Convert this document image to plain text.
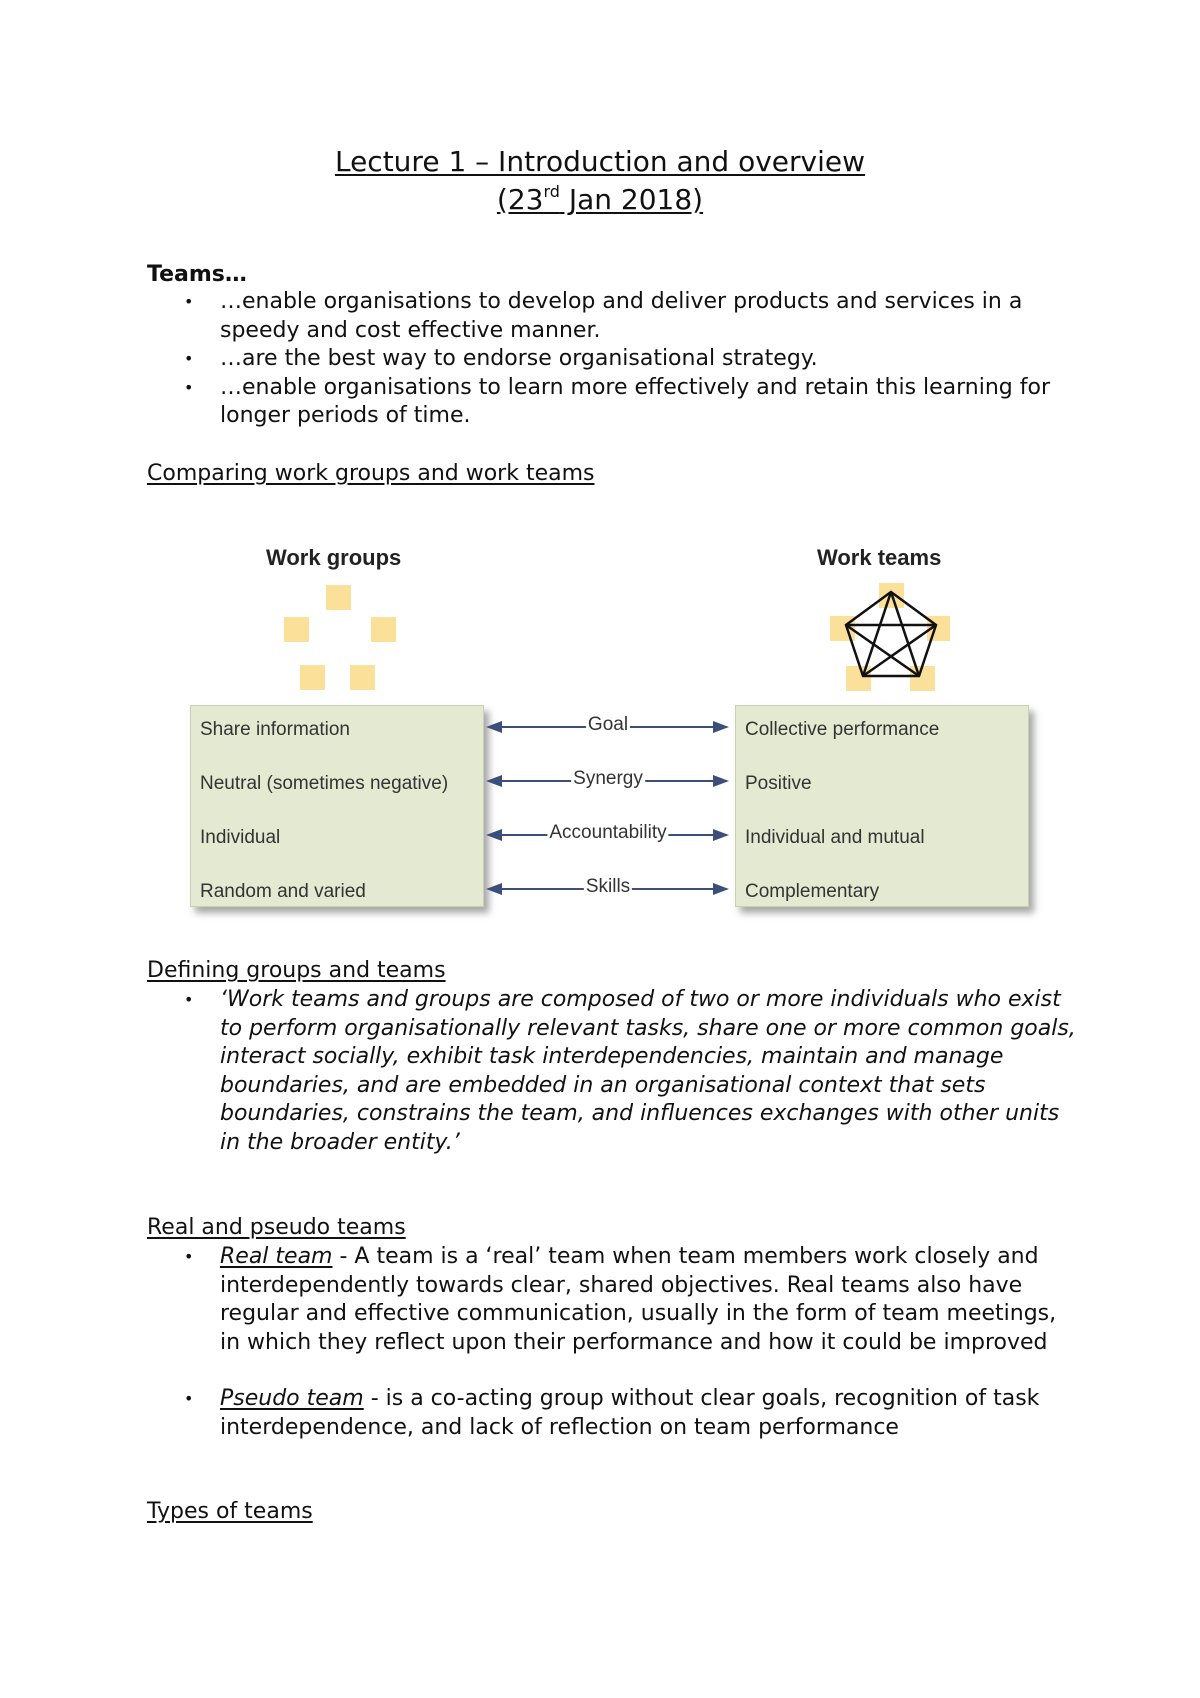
Lecture 1 – Introduction and overview
(23rd Jan 2018)
Teams…
• …enable organisations to develop and deliver products and services in a speedy and cost effective manner.
• …are the best way to endorse organisational strategy.
• …enable organisations to learn more effectively and retain this learning for longer periods of time.
Comparing work groups and work teams
Work groups	Work teams
Share information
Neutral (sometimes negative)
Individual
Random and varied
Collective performance
Positive
Individual and mutual
Complementary
Goal
Synergy
Accountability
Skills
Defining groups and teams
• ‘Work teams and groups are composed of two or more individuals who exist to perform organisationally relevant tasks, share one or more common goals, interact socially, exhibit task interdependencies, maintain and manage boundaries, and are embedded in an organisational context that sets boundaries, constrains the team, and influences exchanges with other units in the broader entity.’
Real and pseudo teams
• Real team - A team is a ‘real’ team when team members work closely and interdependently towards clear, shared objectives. Real teams also have regular and effective communication, usually in the form of team meetings, in which they reflect upon their performance and how it could be improved
• Pseudo team - is a co-acting group without clear goals, recognition of task interdependence, and lack of reflection on team performance
Types of teams
